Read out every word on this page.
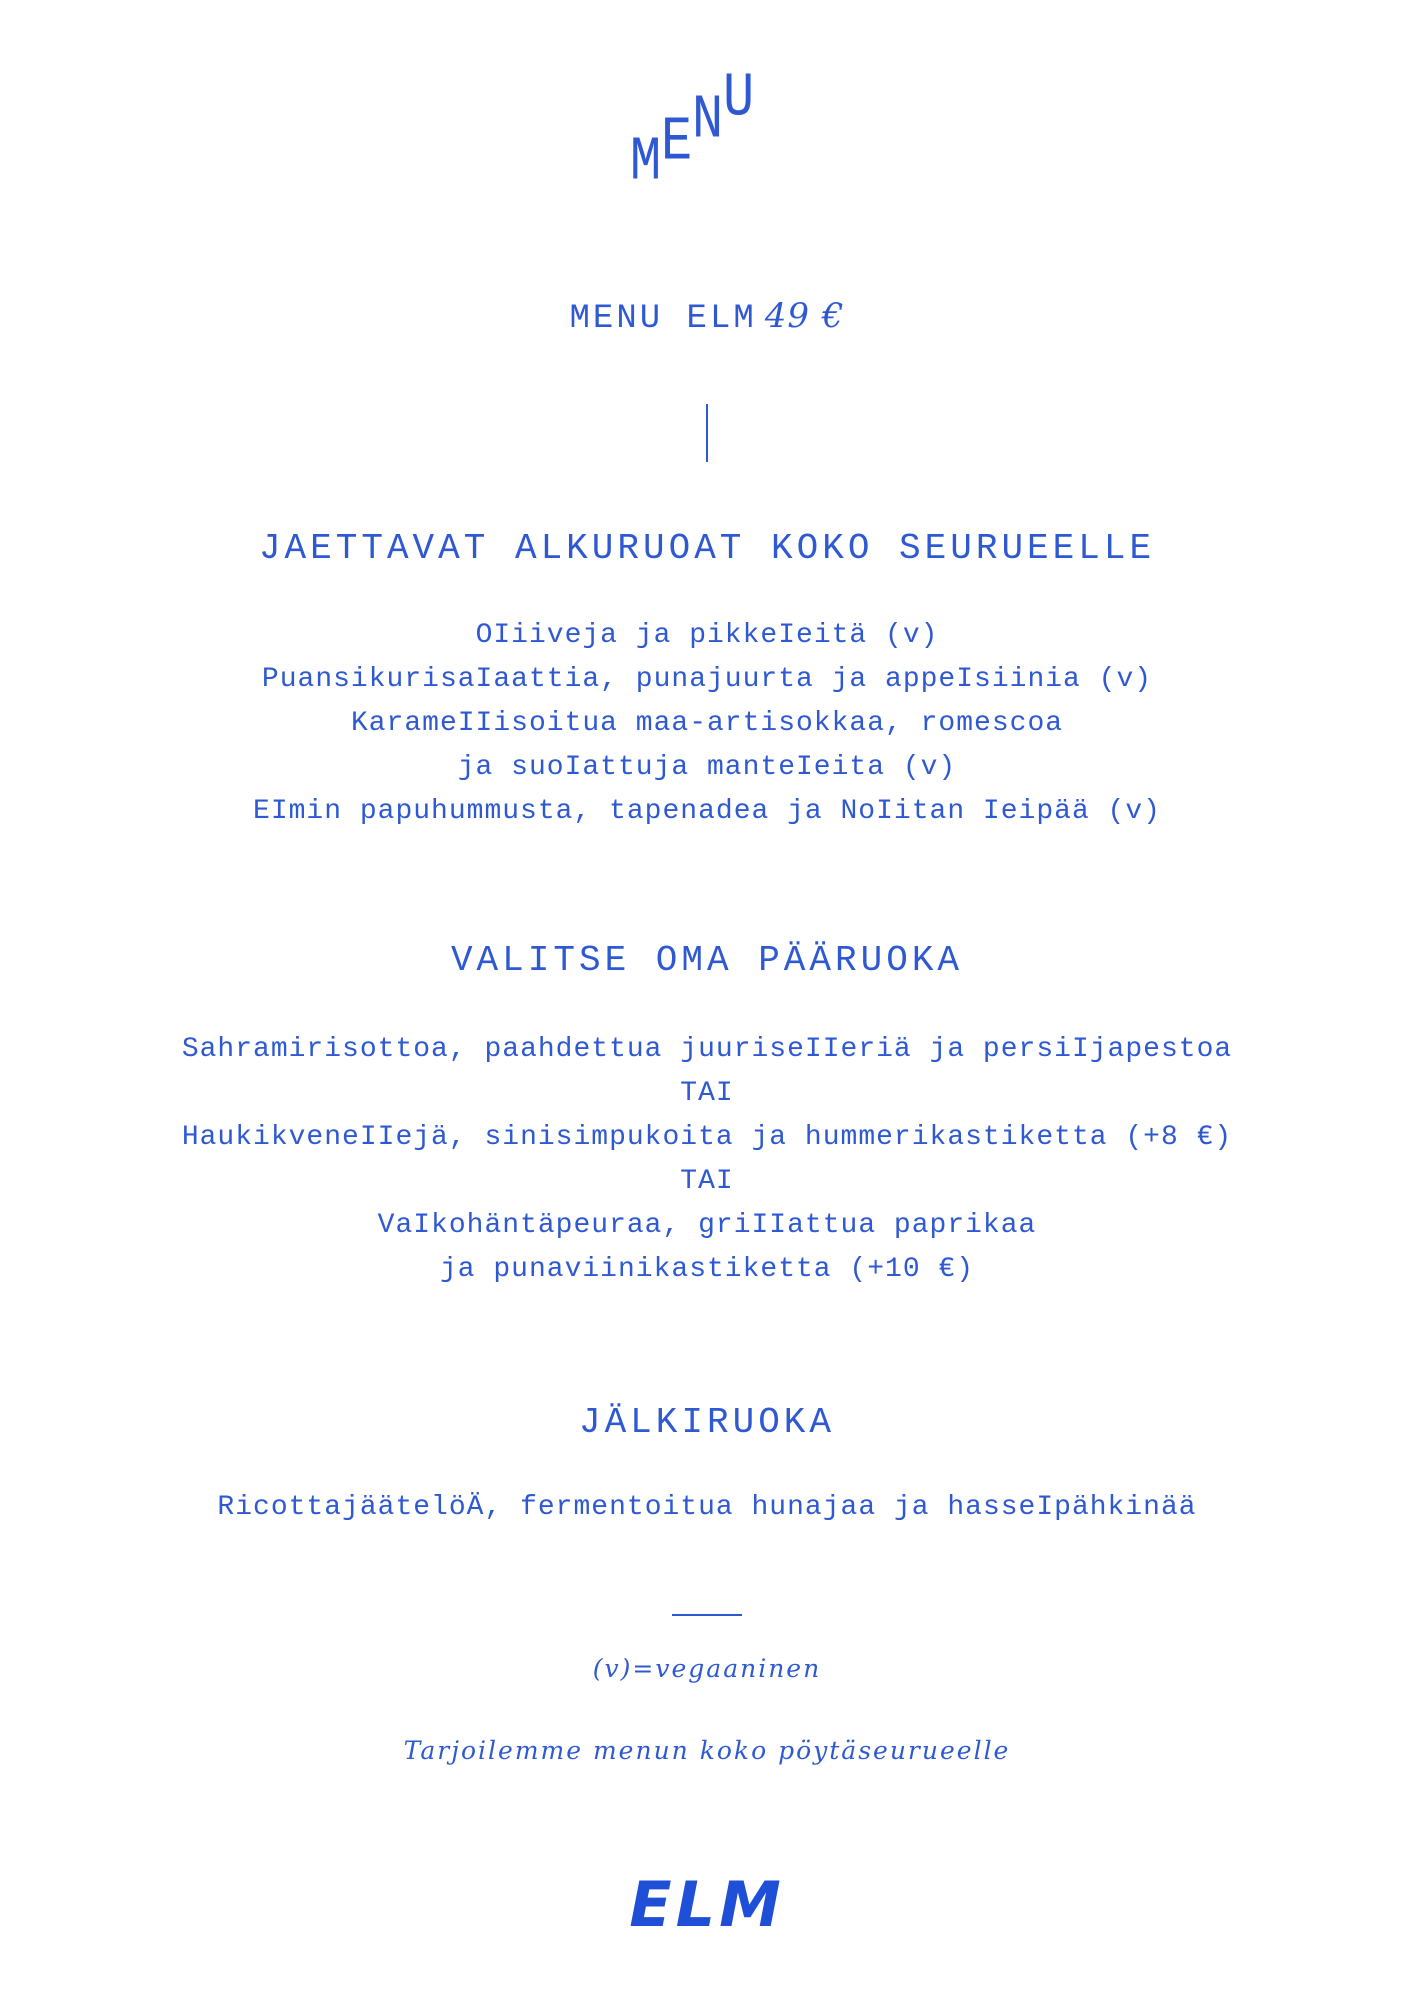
M E N U
MENU ELM 49 €
JAETTAVAT ALKURUOAT KOKO SEURUEELLE
OIiiveja ja pikkeIeitä (v)
PuansikurisaIaattia, punajuurta ja appeIsiinia (v)
KarameIIisoitua maa-artisokkaa, romescoa
ja suoIattuja manteIeita (v)
EImin papuhummusta, tapenadea ja NoIitan Ieipää (v)
VALITSE OMA PÄÄRUOKA
Sahramirisottoa, paahdettua juuriseIIeriä ja persiIjapestoa
TAI
HaukikveneIIejä, sinisimpukoita ja hummerikastiketta (+8 €)
TAI
VaIkohäntäpeuraa, griIIattua paprikaa
ja punaviinikastiketta (+10 €)
JÄLKIRUOKA
RicottajäätelöÄ, fermentoitua hunajaa ja hasseIpähkinää
(v)=vegaaninen
Tarjoilemme menun koko pöytäseurueelle
ELM
